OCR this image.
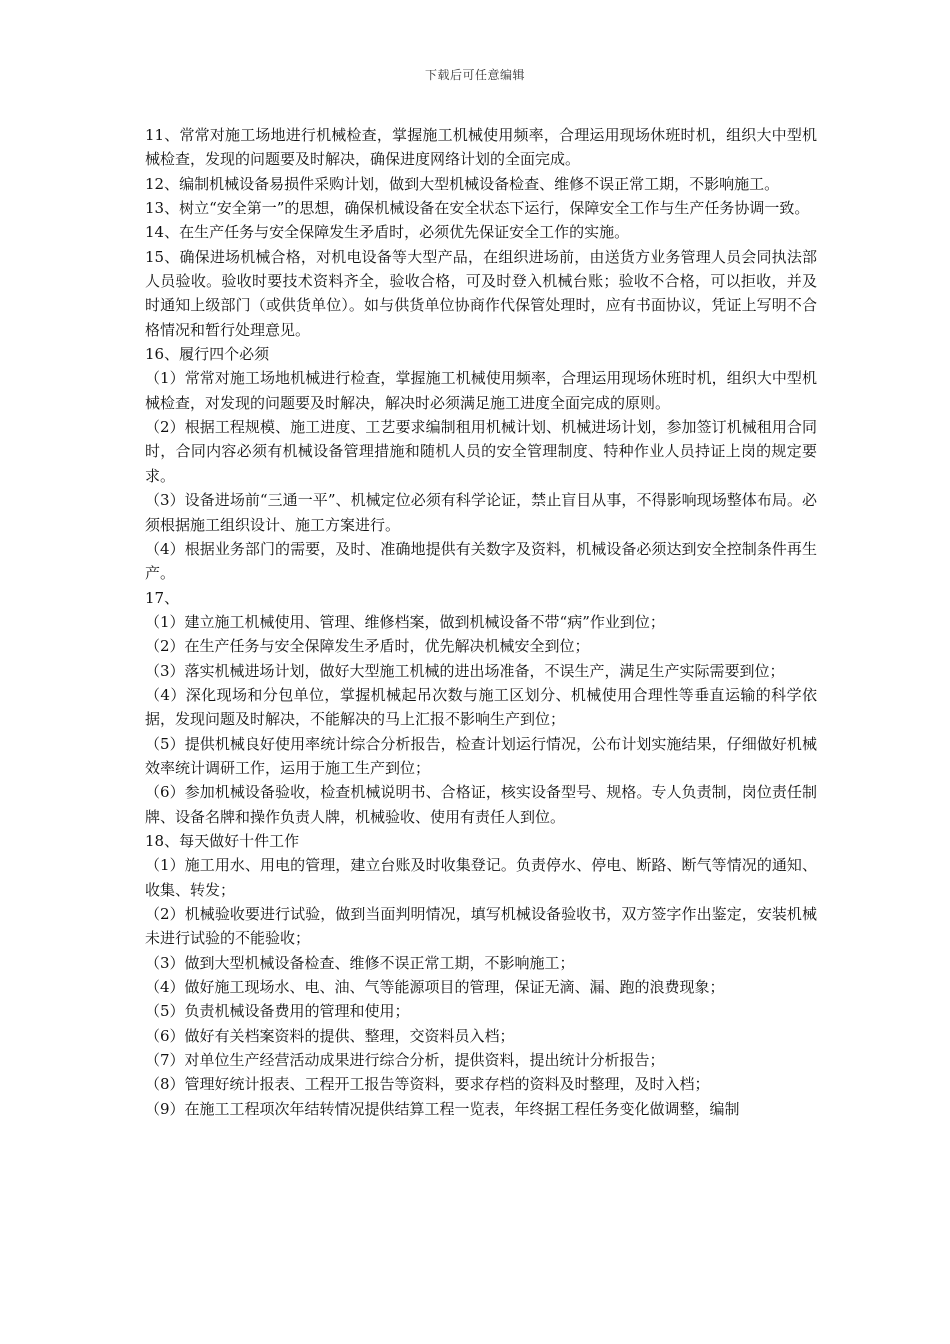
下载后可任意编辑

11、常常对施工场地进行机械检查，掌握施工机械使用频率，合理运用现场休班时机，组织大中型机械检查，发现的问题要及时解决，确保进度网络计划的全面完成。

12、编制机械设备易损件采购计划，做到大型机械设备检查、维修不误正常工期，不影响施工。

13、树立“安全第一”的思想，确保机械设备在安全状态下运行，保障安全工作与生产任务协调一致。

14、在生产任务与安全保障发生矛盾时，必须优先保证安全工作的实施。

15、确保进场机械合格，对机电设备等大型产品，在组织进场前，由送货方业务管理人员会同执法部人员验收。验收时要技术资料齐全，验收合格，可及时登入机械台账；验收不合格，可以拒收，并及时通知上级部门（或供货单位）。如与供货单位协商作代保管处理时，应有书面协议，凭证上写明不合格情况和暂行处理意见。

16、履行四个必须

（1）常常对施工场地机械进行检查，掌握施工机械使用频率，合理运用现场休班时机，组织大中型机械检查，对发现的问题要及时解决，解决时必须满足施工进度全面完成的原则。

（2）根据工程规模、施工进度、工艺要求编制租用机械计划、机械进场计划，参加签订机械租用合同时，合同内容必须有机械设备管理措施和随机人员的安全管理制度、特种作业人员持证上岗的规定要求。

（3）设备进场前“三通一平”、机械定位必须有科学论证，禁止盲目从事，不得影响现场整体布局。必须根据施工组织设计、施工方案进行。

（4）根据业务部门的需要，及时、准确地提供有关数字及资料，机械设备必须达到安全控制条件再生产。

17、

（1）建立施工机械使用、管理、维修档案，做到机械设备不带“病”作业到位；

（2）在生产任务与安全保障发生矛盾时，优先解决机械安全到位；

（3）落实机械进场计划，做好大型施工机械的进出场准备，不误生产，满足生产实际需要到位；

（4）深化现场和分包单位，掌握机械起吊次数与施工区划分、机械使用合理性等垂直运输的科学依据，发现问题及时解决，不能解决的马上汇报不影响生产到位；

（5）提供机械良好使用率统计综合分析报告，检查计划运行情况，公布计划实施结果，仔细做好机械效率统计调研工作，运用于施工生产到位；

（6）参加机械设备验收，检查机械说明书、合格证，核实设备型号、规格。专人负责制，岗位责任制牌、设备名牌和操作负责人牌，机械验收、使用有责任人到位。

18、每天做好十件工作

（1）施工用水、用电的管理，建立台账及时收集登记。负责停水、停电、断路、断气等情况的通知、收集、转发；

（2）机械验收要进行试验，做到当面判明情况，填写机械设备验收书，双方签字作出鉴定，安装机械未进行试验的不能验收；

（3）做到大型机械设备检查、维修不误正常工期，不影响施工；

（4）做好施工现场水、电、油、气等能源项目的管理，保证无滴、漏、跑的浪费现象；

（5）负责机械设备费用的管理和使用；

（6）做好有关档案资料的提供、整理，交资料员入档；

（7）对单位生产经营活动成果进行综合分析，提供资料，提出统计分析报告；

（8）管理好统计报表、工程开工报告等资料，要求存档的资料及时整理，及时入档；

（9）在施工工程项次年结转情况提供结算工程一览表，年终据工程任务变化做调整，编制
